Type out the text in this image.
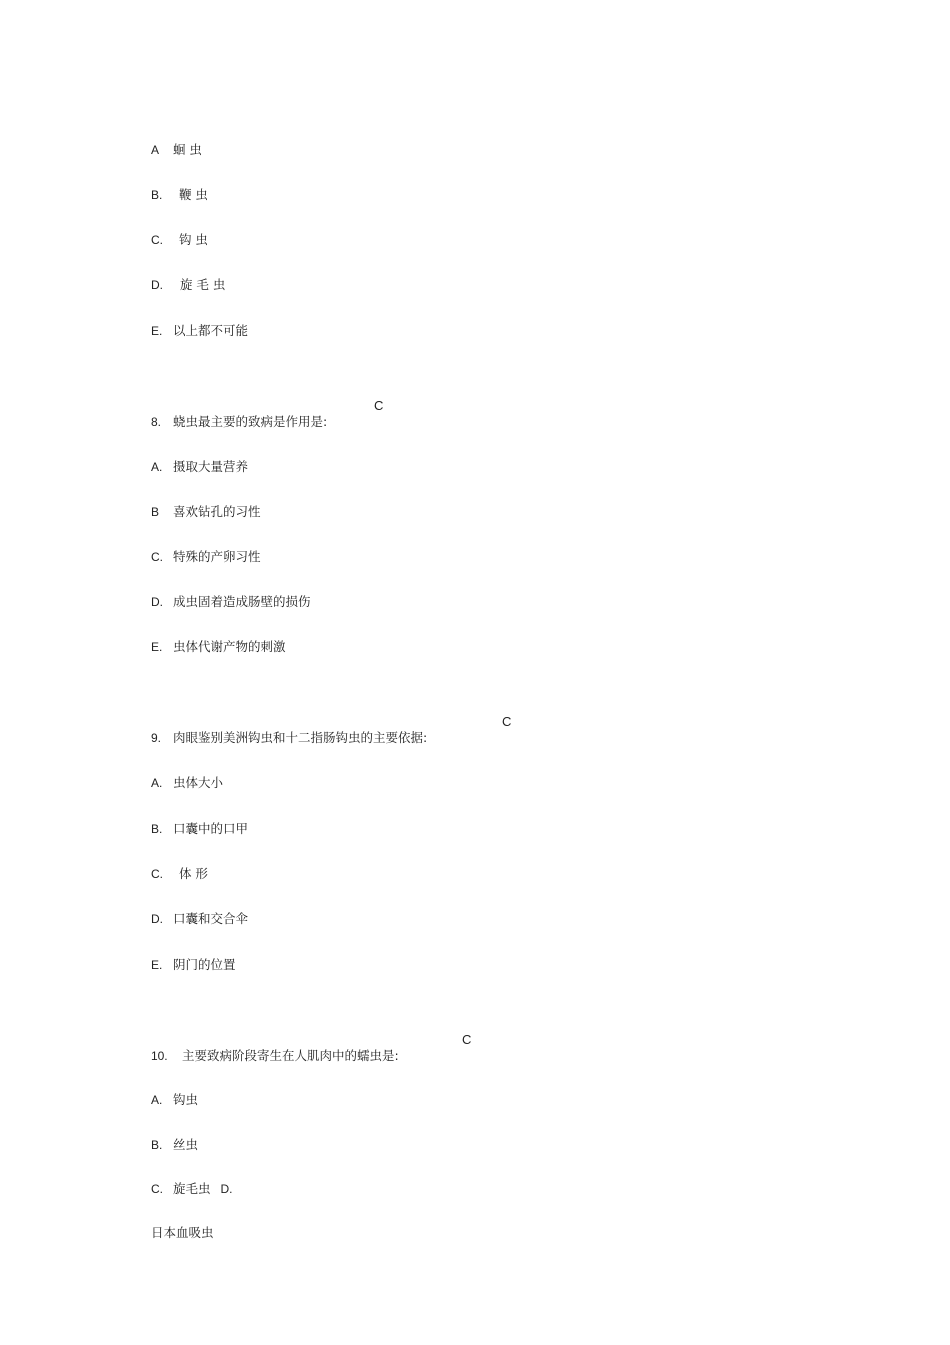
A 蛔 虫

B. 鞭 虫

C. 钩 虫

D. 旋 毛 虫

E. 以上都不可能

8. 蛲虫最主要的致病是作用是:

C

A. 摄取大量营养

B 喜欢钻孔的习性

C. 特殊的产卵习性

D. 成虫固着造成肠壁的损伤

E. 虫体代谢产物的刺激

9. 肉眼鉴别美洲钩虫和十二指肠钩虫的主要依据:

C

A. 虫体大小

B. 口囊中的口甲

C. 体 形

D. 口囊和交合伞

E. 阴门的位置

10. 主要致病阶段寄生在人肌肉中的蠕虫是:

C

A. 钩虫

B. 丝虫

C. 旋毛虫 D.

日本血吸虫
